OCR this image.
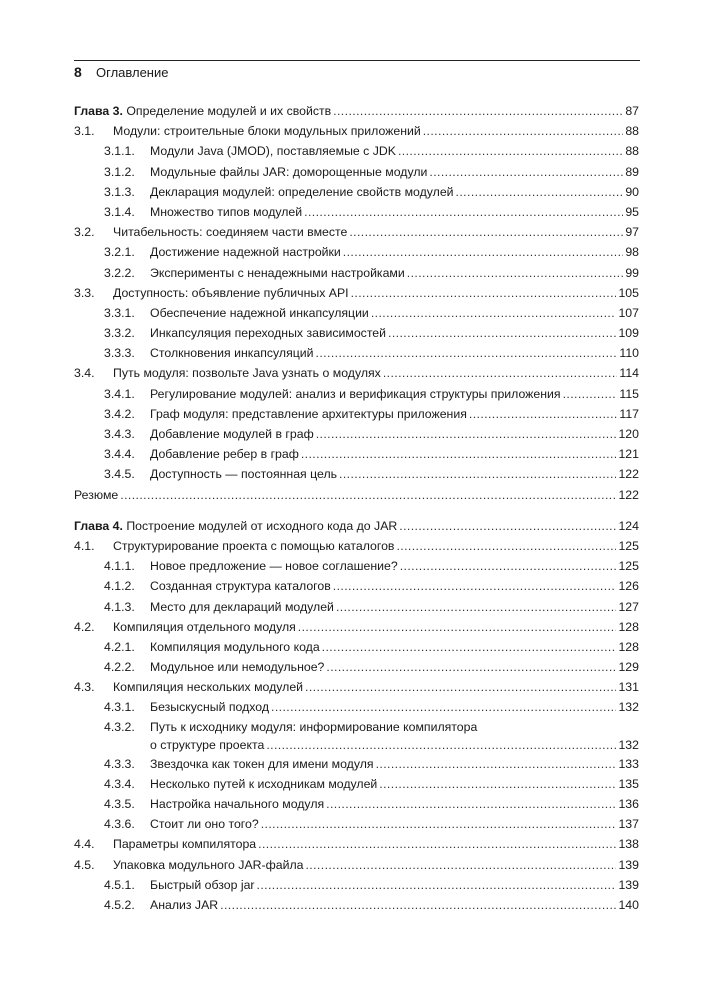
8 Оглавление
Глава 3. Определение модулей и их свойств .....	87
3.1. Модули: строительные блоки модульных приложений .....	88
3.1.1. Модули Java (JMOD), поставляемые с JDK .....	88
3.1.2. Модульные файлы JAR: доморощенные модули .....	89
3.1.3. Декларация модулей: определение свойств модулей .....	90
3.1.4. Множество типов модулей .....	95
3.2. Читабельность: соединяем части вместе .....	97
3.2.1. Достижение надежной настройки .....	98
3.2.2. Эксперименты с ненадежными настройками .....	99
3.3. Доступность: объявление публичных API .....	105
3.3.1. Обеспечение надежной инкапсуляции .....	107
3.3.2. Инкапсуляция переходных зависимостей .....	109
3.3.3. Столкновения инкапсуляций .....	110
3.4. Путь модуля: позвольте Java узнать о модулях .....	114
3.4.1. Регулирование модулей: анализ и верификация структуры приложения .....	115
3.4.2. Граф модуля: представление архитектуры приложения .....	117
3.4.3. Добавление модулей в граф .....	120
3.4.4. Добавление ребер в граф .....	121
3.4.5. Доступность — постоянная цель .....	122
Резюме .....	122
Глава 4. Построение модулей от исходного кода до JAR .....	124
4.1. Структурирование проекта с помощью каталогов .....	125
4.1.1. Новое предложение — новое соглашение? .....	125
4.1.2. Созданная структура каталогов .....	126
4.1.3. Место для деклараций модулей .....	127
4.2. Компиляция отдельного модуля .....	128
4.2.1. Компиляция модульного кода .....	128
4.2.2. Модульное или немодульное? .....	129
4.3. Компиляция нескольких модулей .....	131
4.3.1. Безыскусный подход .....	132
4.3.2. Путь к исходнику модуля: информирование компилятора
о структуре проекта .....	132
4.3.3. Звездочка как токен для имени модуля .....	133
4.3.4. Несколько путей к исходникам модулей .....	135
4.3.5. Настройка начального модуля .....	136
4.3.6. Стоит ли оно того? .....	137
4.4. Параметры компилятора .....	138
4.5. Упаковка модульного JAR-файла .....	139
4.5.1. Быстрый обзор jar .....	139
4.5.2. Анализ JAR .....	140
